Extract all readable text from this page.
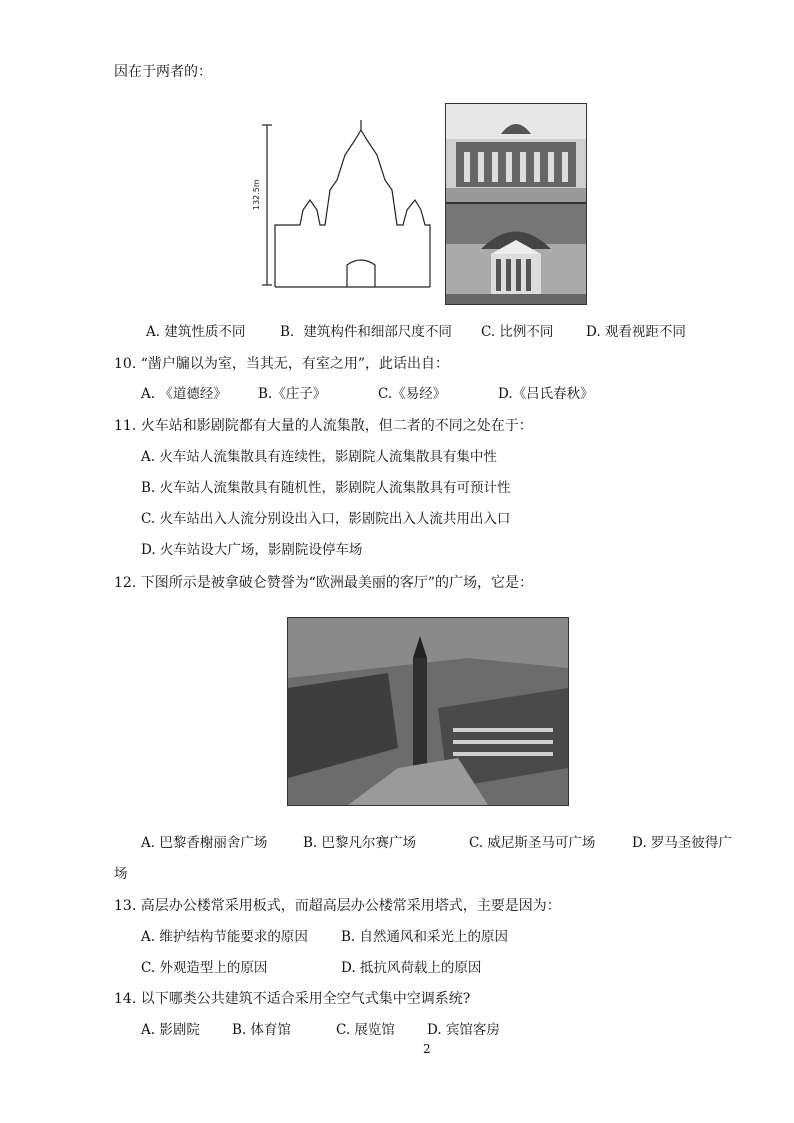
因在于两者的：
132.5m
A. 建筑性质不同	B．建筑构件和细部尺度不同 C. 比例不同 D. 观看视距不同
10. “凿户牖以为室，当其无，有室之用”，此话出自：
A. 《道德经》 B.《庄子》	C.《易经》	D.《吕氏春秋》
11. 火车站和影剧院都有大量的人流集散，但二者的不同之处在于：
A. 火车站人流集散具有连续性，影剧院人流集散具有集中性
B. 火车站人流集散具有随机性，影剧院人流集散具有可预计性
C. 火车站出入人流分别设出入口，影剧院出入人流共用出入口
D. 火车站设大广场，影剧院设停车场
12. 下图所示是被拿破仑赞誉为“欧洲最美丽的客厅”的广场，它是：
A. 巴黎香榭丽舍广场	B. 巴黎凡尔赛广场	C. 威尼斯圣马可广场	D. 罗马圣彼得广
场
13. 高层办公楼常采用板式，而超高层办公楼常采用塔式，主要是因为：
A. 维护结构节能要求的原因 B. 自然通风和采光上的原因
C. 外观造型上的原因	D. 抵抗风荷载上的原因
14. 以下哪类公共建筑不适合采用全空气式集中空调系统?
A. 影剧院 B. 体育馆	C. 展览馆 D. 宾馆客房
2
